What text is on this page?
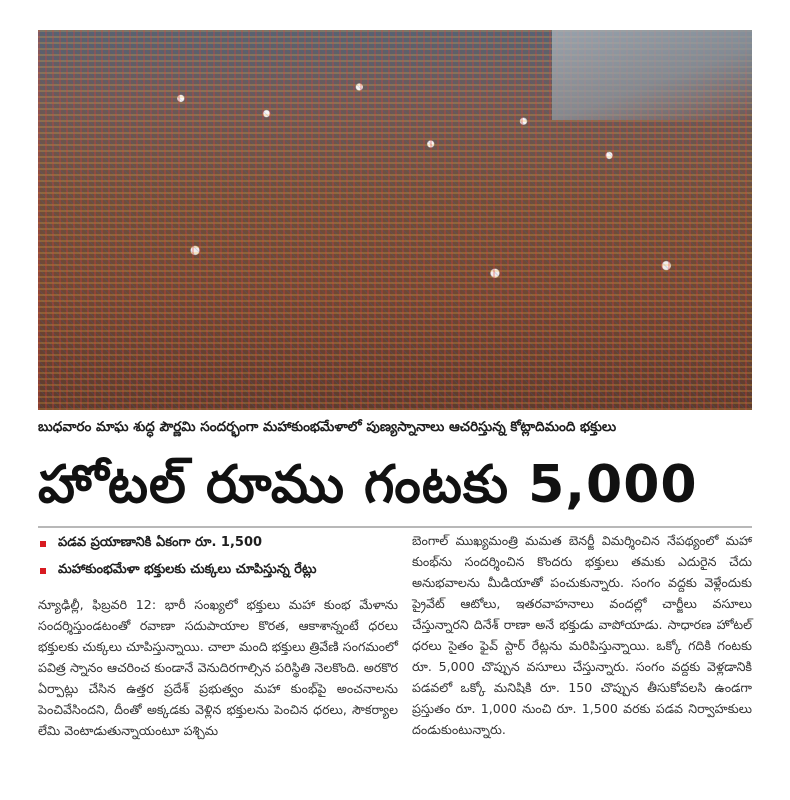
బుధవారం మాఘ శుద్ధ పౌర్ణమి సందర్భంగా మహాకుంభమేళాలో పుణ్యస్నానాలు ఆచరిస్తున్న కోట్లాదిమంది భక్తులు
హోటల్ రూము గంటకు 5,000
పడవ ప్రయాణానికి ఏకంగా రూ. 1,500
మహాకుంభమేళా భక్తులకు చుక్కలు చూపిస్తున్న రేట్లు
న్యూఢిల్లీ, ఫిబ్రవరి 12: భారీ సంఖ్యలో భక్తులు మహా కుంభ మేళాను సందర్శిస్తుండటంతో రవాణా సదుపాయాల కొరత, ఆకాశాన్నంటే ధరలు భక్తులకు చుక్కలు చూపిస్తున్నాయి. చాలా మంది భక్తులు త్రివేణి సంగమంలో పవిత్ర స్నానం ఆచరించ కుండానే వెనుదిరగాల్సిన పరిస్థితి నెలకొంది. అరకొర ఏర్పాట్లు చేసిన ఉత్తర ప్రదేశ్ ప్రభుత్వం మహా కుంభ్‌పై అంచనాలను పెంచివేసిందని, దీంతో అక్కడకు వెళ్లిన భక్తులను పెంచిన ధరలు, సౌకర్యాల లేమి వెంటాడుతున్నాయంటూ పశ్చిమ
బెంగాల్ ముఖ్యమంత్రి మమత బెనర్జీ విమర్శించిన నేపథ్యంలో మహా కుంభ్‌ను సందర్శించిన కొందరు భక్తులు తమకు ఎదురైన చేదు అనుభవాలను మీడియాతో పంచుకున్నారు. సంగం వద్దకు వెళ్లేందుకు ప్రైవేట్ ఆటోలు, ఇతరవాహనాలు వందల్లో చార్జీలు వసూలు చేస్తున్నారని దినేశ్ రాణా అనే భక్తుడు వాపోయాడు. సాధారణ హోటల్ ధరలు సైతం ఫైవ్ స్టార్ రేట్లను మరిపిస్తున్నాయి. ఒక్కో గదికి గంటకు రూ. 5,000 చొప్పున వసూలు చేస్తున్నారు. సంగం వద్దకు వెళ్లడానికి పడవలో ఒక్కో మనిషికి రూ. 150 చొప్పున తీసుకోవలసి ఉండగా ప్రస్తుతం రూ. 1,000 నుంచి రూ. 1,500 వరకు పడవ నిర్వాహకులు దండుకుంటున్నారు.
